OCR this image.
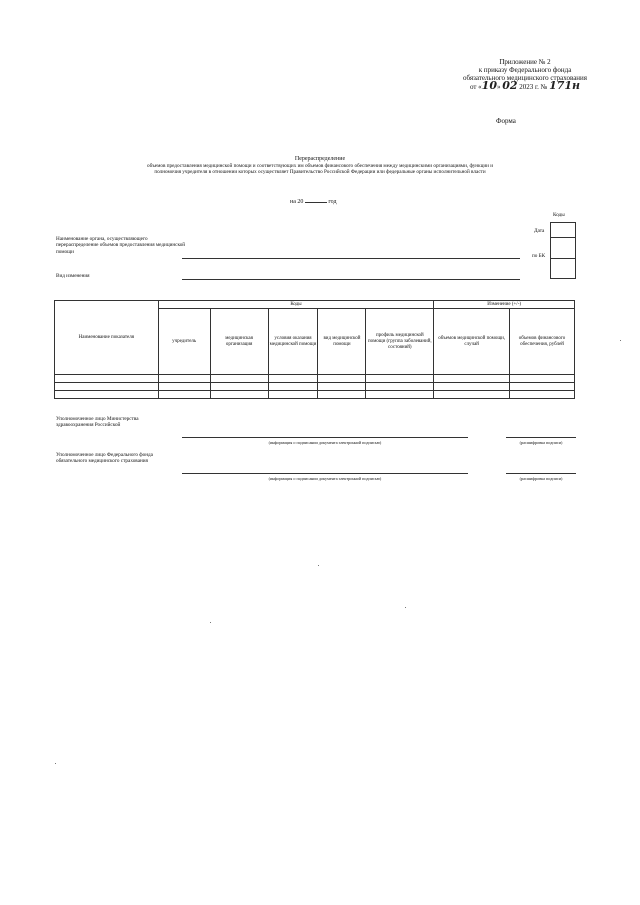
Приложение № 2
к приказу Федерального фонда
обязательного медицинского страхования
от «10» 02 2023 г. № 171н
Форма
Перераспределение
объемов предоставления медицинской помощи и соответствующих им объемов финансового обеспечения между медицинскими организациями, функции и
полномочия учредителя в отношении которых осуществляет Правительство Российской Федерации или федеральные органы исполнительной власти
на 20	год
Коды
Дата
по БК
Наименование органа, осуществляющего перераспределение объемов предоставления медицинской помощи
Вид изменения
Наименование показателя	Коды					Изменение (+/-)	
	учредитель	медицинская организация	условия оказания медицинской помощи	вид медицинской помощи	профиль медицинской помощи (группа заболеваний, состояний)	объемов медицинской помощи, случай	объемов финансового обеспечения, рублей

Уполномоченное лицо Министерства здравоохранения Российской
(информация о подписании документа электронной подписью)	(расшифровка подписи)
Уполномоченное лицо Федерального фонда обязательного медицинского страхования
(информация о подписании документа электронной подписью)	(расшифровка подписи)
